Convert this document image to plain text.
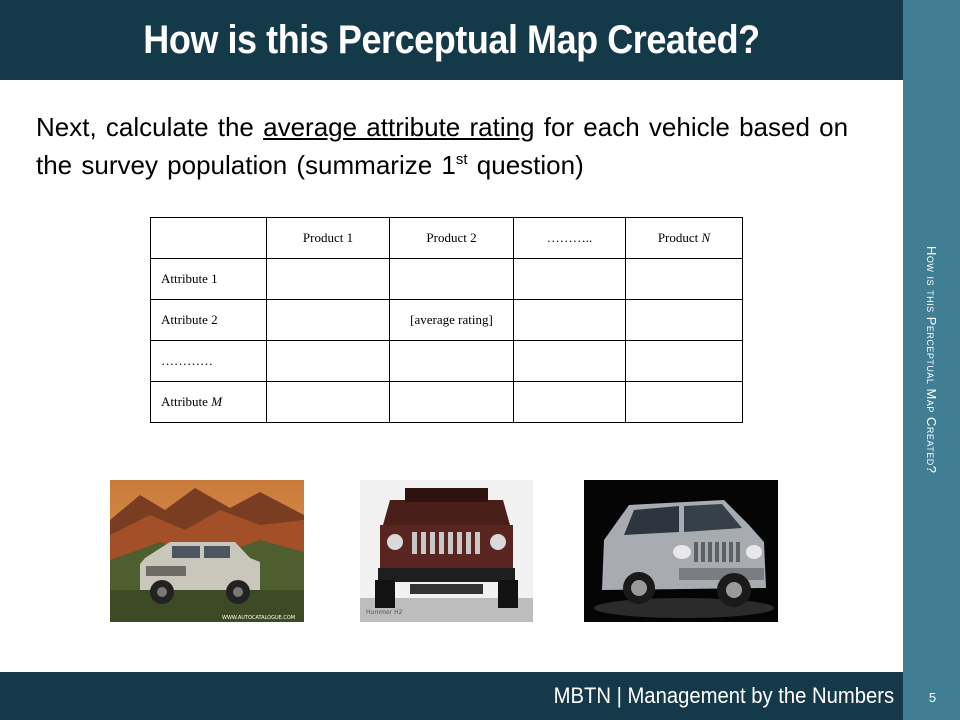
How is this Perceptual Map Created?
How is this Perceptual Map Created?
Next, calculate the average attribute rating for each vehicle based on the survey population (summarize 1st question)
	Product 1	Product 2	………..	Product N
Attribute 1				
Attribute 2		[average rating]		
…………				
Attribute M				
WWW.AUTOCATALOGUE.COM
Hummer H2
MBTN | Management by the Numbers	5
